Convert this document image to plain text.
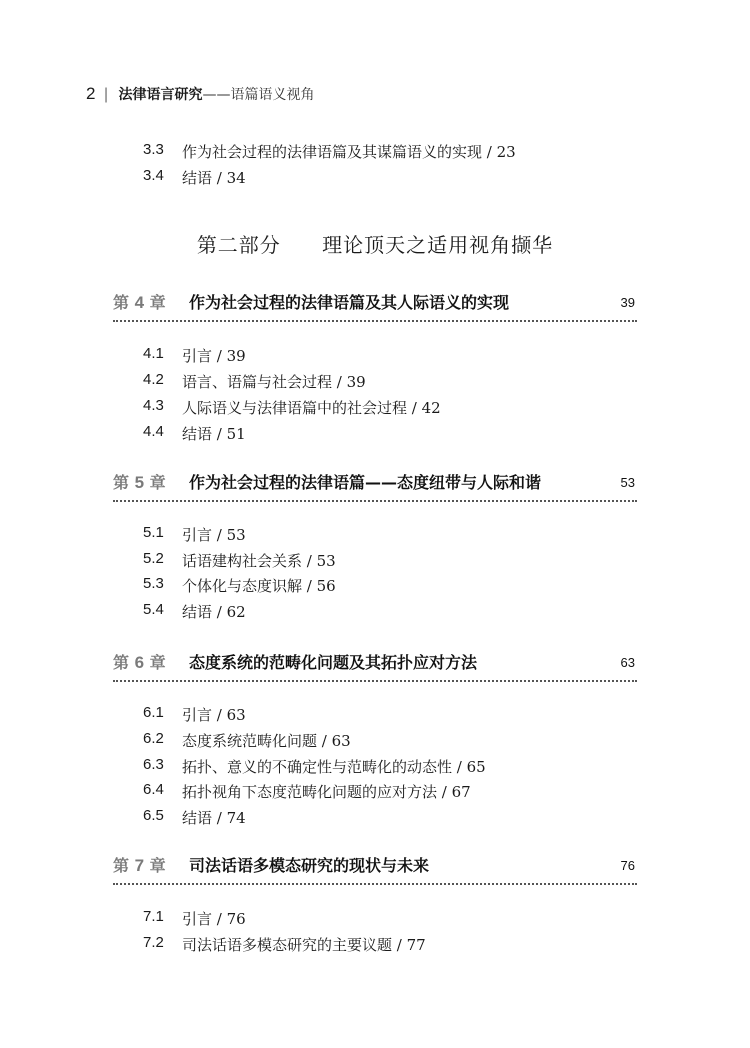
2 | 法律语言研究 ——语篇语义视角
3.3	作为社会过程的法律语篇及其谋篇语义的实现 / 23
3.4	结语 / 34
第二部分 理论顶天之适用视角撷华
第 4 章 作为社会过程的法律语篇及其人际语义的实现	39
4.1	引言 / 39
4.2	语言、语篇与社会过程 / 39
4.3	人际语义与法律语篇中的社会过程 / 42
4.4	结语 / 51
第 5 章 作为社会过程的法律语篇——态度纽带与人际和谐	53
5.1	引言 / 53
5.2	话语建构社会关系 / 53
5.3	个体化与态度识解 / 56
5.4	结语 / 62
第 6 章 态度系统的范畴化问题及其拓扑应对方法	63
6.1	引言 / 63
6.2	态度系统范畴化问题 / 63
6.3	拓扑、意义的不确定性与范畴化的动态性 / 65
6.4	拓扑视角下态度范畴化问题的应对方法 / 67
6.5	结语 / 74
第 7 章 司法话语多模态研究的现状与未来	76
7.1	引言 / 76
7.2	司法话语多模态研究的主要议题 / 77
